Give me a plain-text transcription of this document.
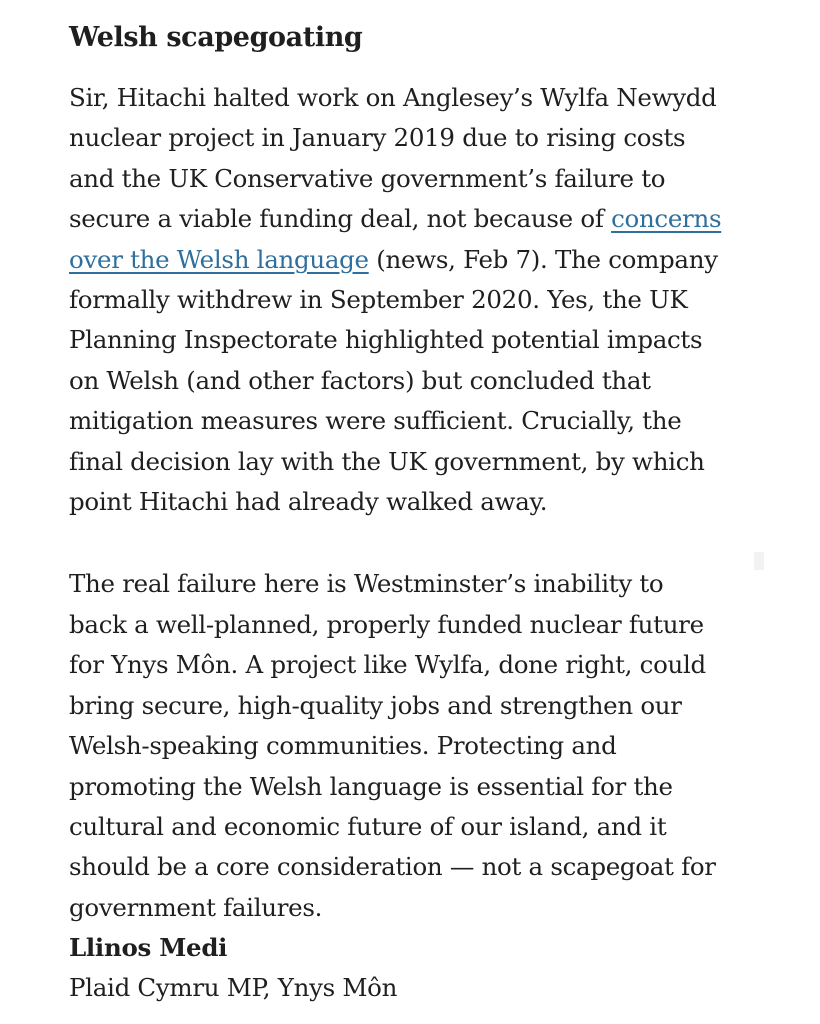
Welsh scapegoating

Sir, Hitachi halted work on Anglesey’s Wylfa Newydd
nuclear project in January 2019 due to rising costs
and the UK Conservative government’s failure to
secure a viable funding deal, not because of concerns
over the Welsh language (news, Feb 7). The company
formally withdrew in September 2020. Yes, the UK
Planning Inspectorate highlighted potential impacts
on Welsh (and other factors) but concluded that
mitigation measures were sufficient. Crucially, the
final decision lay with the UK government, by which
point Hitachi had already walked away.

The real failure here is Westminster’s inability to
back a well-planned, properly funded nuclear future
for Ynys Môn. A project like Wylfa, done right, could
bring secure, high-quality jobs and strengthen our
Welsh-speaking communities. Protecting and
promoting the Welsh language is essential for the
cultural and economic future of our island, and it
should be a core consideration — not a scapegoat for
government failures.

Llinos Medi
Plaid Cymru MP, Ynys Môn
